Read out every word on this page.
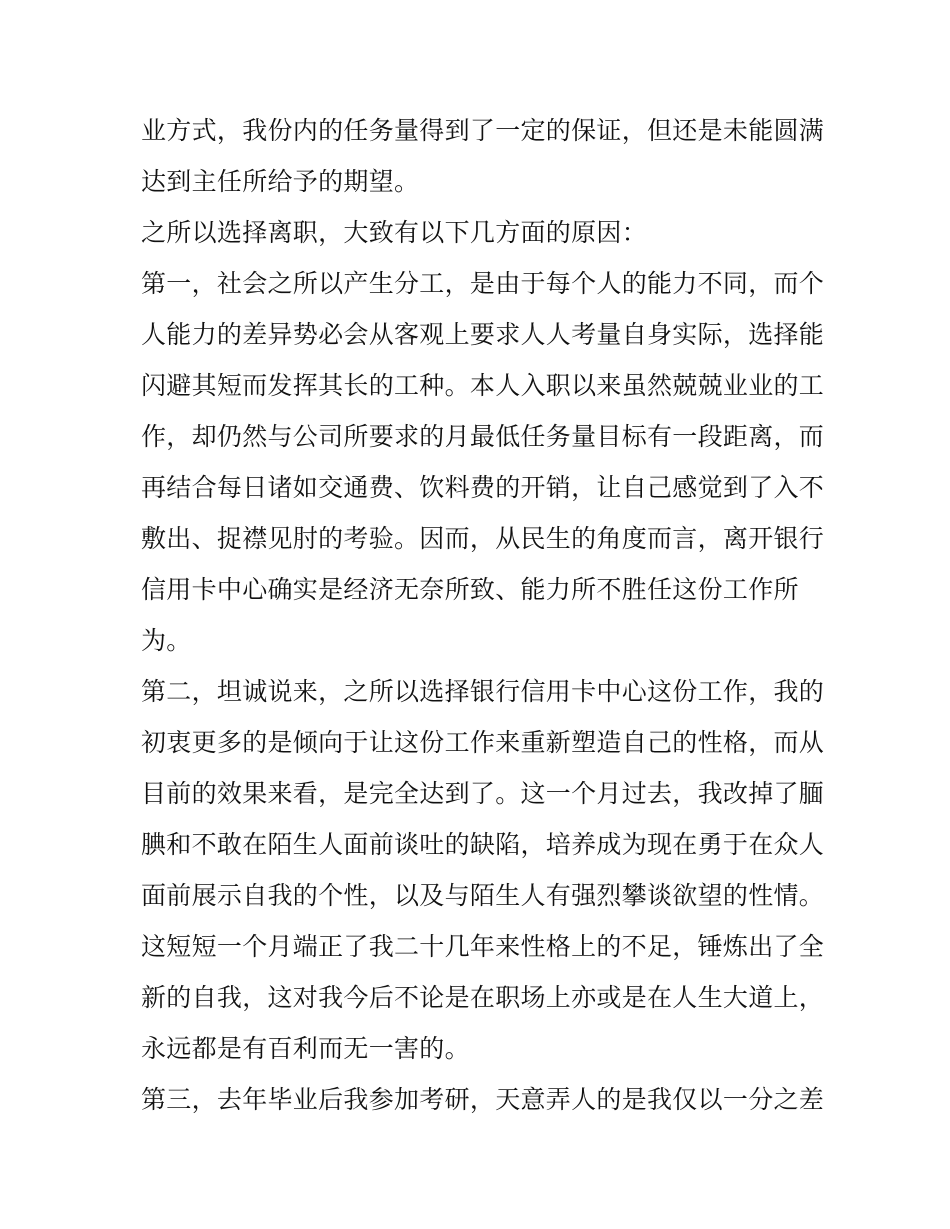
业方式，我份内的任务量得到了一定的保证，但还是未能圆满
达到主任所给予的期望。
之所以选择离职，大致有以下几方面的原因：
第一，社会之所以产生分工，是由于每个人的能力不同，而个
人能力的差异势必会从客观上要求人人考量自身实际，选择能
闪避其短而发挥其长的工种。本人入职以来虽然兢兢业业的工
作，却仍然与公司所要求的月最低任务量目标有一段距离，而
再结合每日诸如交通费、饮料费的开销，让自己感觉到了入不
敷出、捉襟见肘的考验。因而，从民生的角度而言，离开银行
信用卡中心确实是经济无奈所致、能力所不胜任这份工作所
为。
第二，坦诚说来，之所以选择银行信用卡中心这份工作，我的
初衷更多的是倾向于让这份工作来重新塑造自己的性格，而从
目前的效果来看，是完全达到了。这一个月过去，我改掉了腼
腆和不敢在陌生人面前谈吐的缺陷，培养成为现在勇于在众人
面前展示自我的个性，以及与陌生人有强烈攀谈欲望的性情。
这短短一个月端正了我二十几年来性格上的不足，锤炼出了全
新的自我，这对我今后不论是在职场上亦或是在人生大道上，
永远都是有百利而无一害的。
第三，去年毕业后我参加考研，天意弄人的是我仅以一分之差
